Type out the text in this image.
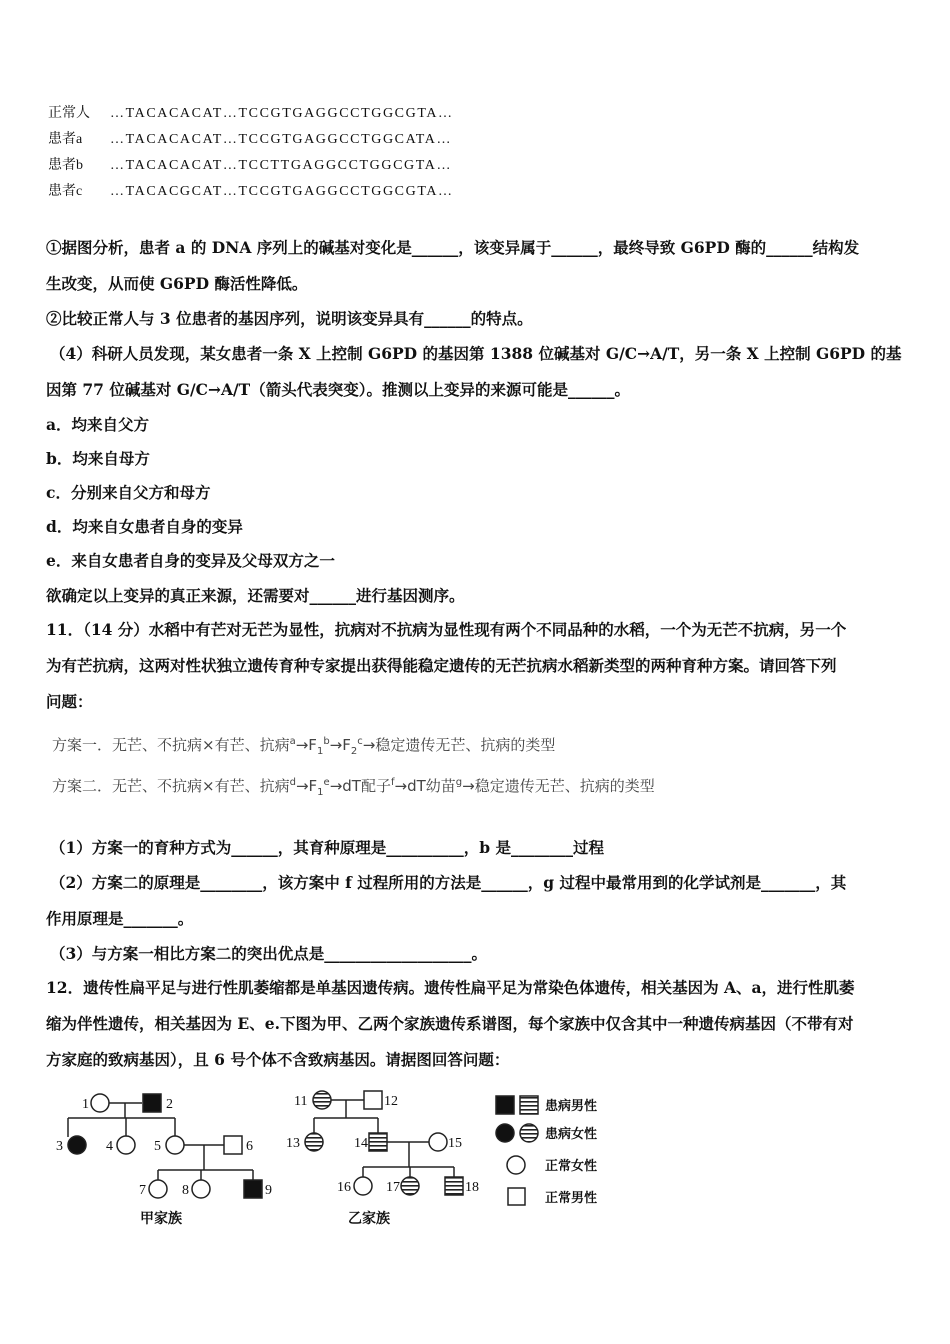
正常人 …TACACACAT…TCCGTGAGGCCTGGCGTA…
患者a …TACACACAT…TCCGTGAGGCCTGGCATA…
患者b …TACACACAT…TCCTTGAGGCCTGGCGTA…
患者c …TACACGCAT…TCCGTGAGGCCTGGCGTA…
①据图分析，患者 a 的 DNA 序列上的碱基对变化是______，该变异属于______，最终导致 G6PD 酶的______结构发
生改变，从而使 G6PD 酶活性降低。
②比较正常人与 3 位患者的基因序列，说明该变异具有______的特点。
（4）科研人员发现，某女患者一条 X 上控制 G6PD 的基因第 1388 位碱基对 G/C→A/T，另一条 X 上控制 G6PD 的基
因第 77 位碱基对 G/C→A/T（箭头代表突变）。推测以上变异的来源可能是______。
a．均来自父方
b．均来自母方
c．分别来自父方和母方
d．均来自女患者自身的变异
e．来自女患者自身的变异及父母双方之一
欲确定以上变异的真正来源，还需要对______进行基因测序。
11．（14 分）水稻中有芒对无芒为显性，抗病对不抗病为显性现有两个不同品种的水稻，一个为无芒不抗病，另一个
为有芒抗病，这两对性状独立遗传育种专家提出获得能稳定遗传的无芒抗病水稻新类型的两种育种方案。请回答下列
问题：
方案一．无芒、不抗病×有芒、抗病$^a\to F_1^b\to F_2^c\to$稳定遗传无芒、抗病的类型
方案二．无芒、不抗病×有芒、抗病$^d\to F_1^e\to dT$配子$^f$→dT幼苗$^g$→稳定遗传无芒、抗病的类型
（1）方案一的育种方式为______，其育种原理是__________，b 是________过程
（2）方案二的原理是________，该方案中 f 过程所用的方法是______，g 过程中最常用到的化学试剂是_______，其
作用原理是_______。
（3）与方案一相比方案二的突出优点是___________________。
12．遗传性扁平足与进行性肌萎缩都是单基因遗传病。遗传性扁平足为常染色体遗传，相关基因为 A、a，进行性肌萎
缩为伴性遗传，相关基因为 E、e.下图为甲、乙两个家族遗传系谱图，每个家族中仅含其中一种遗传病基因（不带有对
方家庭的致病基因），且 6 号个体不含致病基因。请据图回答问题：
1	2
3	4	5	6
7	8	9
11	12
13	14	15
16	17	18
甲家族	乙家族
患病男性
患病女性
正常女性
正常男性
